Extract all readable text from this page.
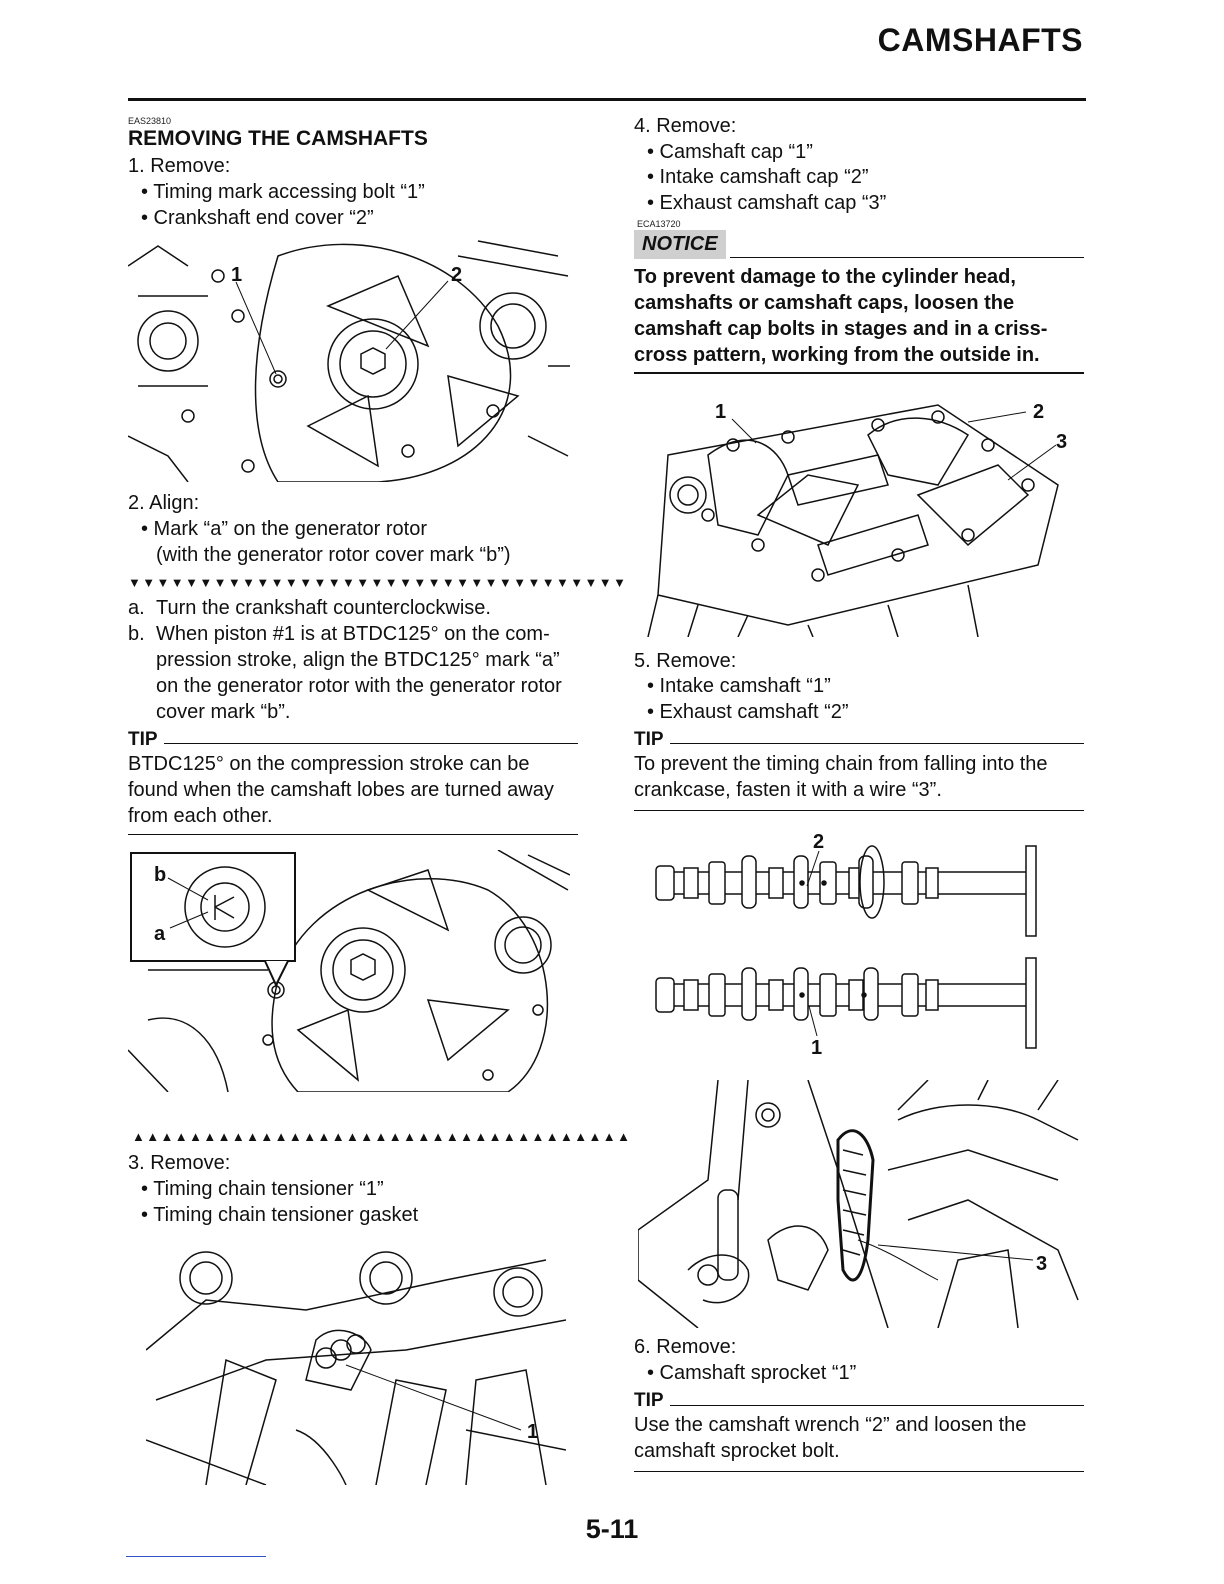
CAMSHAFTS
EAS23810
REMOVING THE CAMSHAFTS
1. Remove:
• Timing mark accessing bolt “1”
• Crankshaft end cover “2”
1	2
2. Align:
• Mark “a” on the generator rotor
(with the generator rotor cover mark “b”)
▼▼▼▼▼▼▼▼▼▼▼▼▼▼▼▼▼▼▼▼▼▼▼▼▼▼▼▼▼▼▼▼▼▼▼
a. Turn the crankshaft counterclockwise.
b. When piston #1 is at BTDC125° on the com-
pression stroke, align the BTDC125° mark “a”
on the generator rotor with the generator rotor
cover mark “b”.
TIP
BTDC125° on the compression stroke can be
found when the camshaft lobes are turned away
from each other.
b
a
▲▲▲▲▲▲▲▲▲▲▲▲▲▲▲▲▲▲▲▲▲▲▲▲▲▲▲▲▲▲▲▲▲▲▲
3. Remove:
• Timing chain tensioner “1”
• Timing chain tensioner gasket
1
4. Remove:
• Camshaft cap “1”
• Intake camshaft cap “2”
• Exhaust camshaft cap “3”
ECA13720
NOTICE
To prevent damage to the cylinder head,
camshafts or camshaft caps, loosen the
camshaft cap bolts in stages and in a criss-
cross pattern, working from the outside in.
1	2
3
5. Remove:
• Intake camshaft “1”
• Exhaust camshaft “2”
TIP
To prevent the timing chain from falling into the
crankcase, fasten it with a wire “3”.
2
1
3
6. Remove:
• Camshaft sprocket “1”
TIP
Use the camshaft wrench “2” and loosen the
camshaft sprocket bolt.
5-11
